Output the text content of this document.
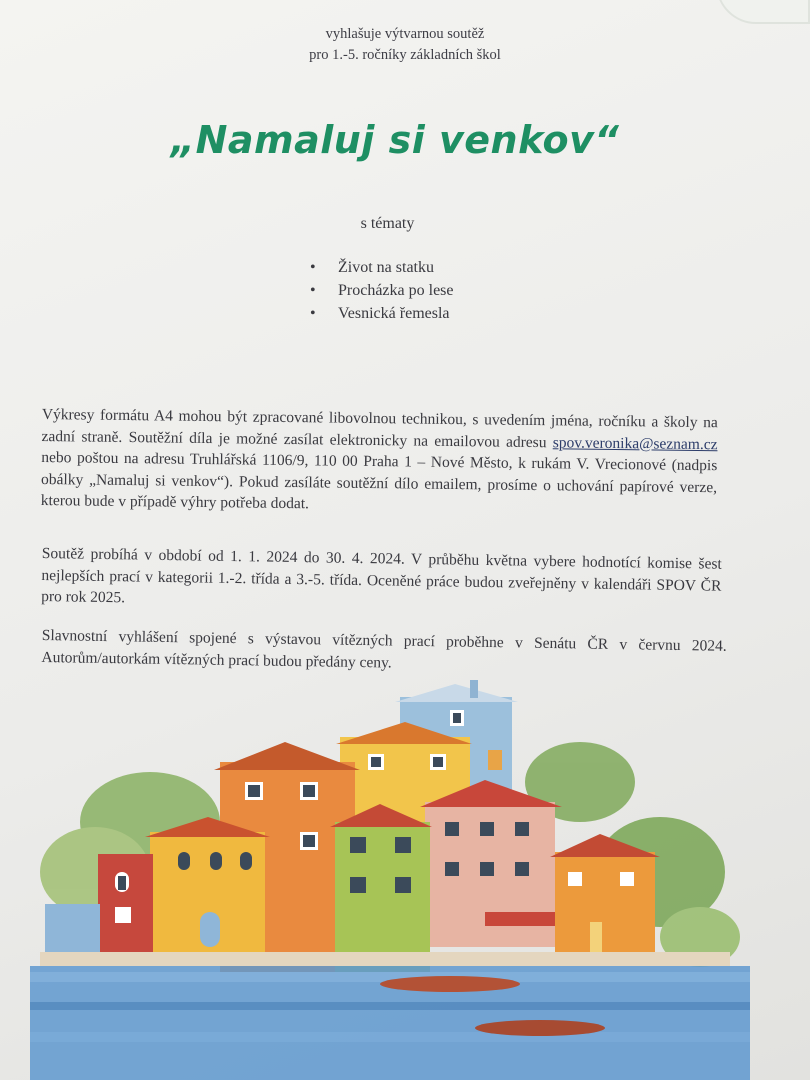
vyhlašuje výtvarnou soutěž
pro 1.-5. ročníky základních škol
„Namaluj si venkov“
s tématy
• Život na statku
• Procházka po lese
• Vesnická řemesla

Výkresy formátu A4 mohou být zpracované libovolnou technikou, s uvedením jména, ročníku a školy na zadní straně. Soutěžní díla je možné zasílat elektronicky na emailovou adresu spov.veronika@seznam.cz nebo poštou na adresu Truhlářská 1106/9, 110 00 Praha 1 – Nové Město, k rukám V. Vrecionové (nadpis obálky „Namaluj si venkov“). Pokud zasíláte soutěžní dílo emailem, prosíme o uchování papírové verze, kterou bude v případě výhry potřeba dodat.

Soutěž probíhá v období od 1. 1. 2024 do 30. 4. 2024. V průběhu května vybere hodnotící komise šest nejlepších prací v kategorii 1.-2. třída a 3.-5. třída. Oceněné práce budou zveřejněny v kalendáři SPOV ČR pro rok 2025.

Slavnostní vyhlášení spojené s výstavou vítězných prací proběhne v Senátu ČR v červnu 2024. Autorům/autorkám vítězných prací budou předány ceny.
